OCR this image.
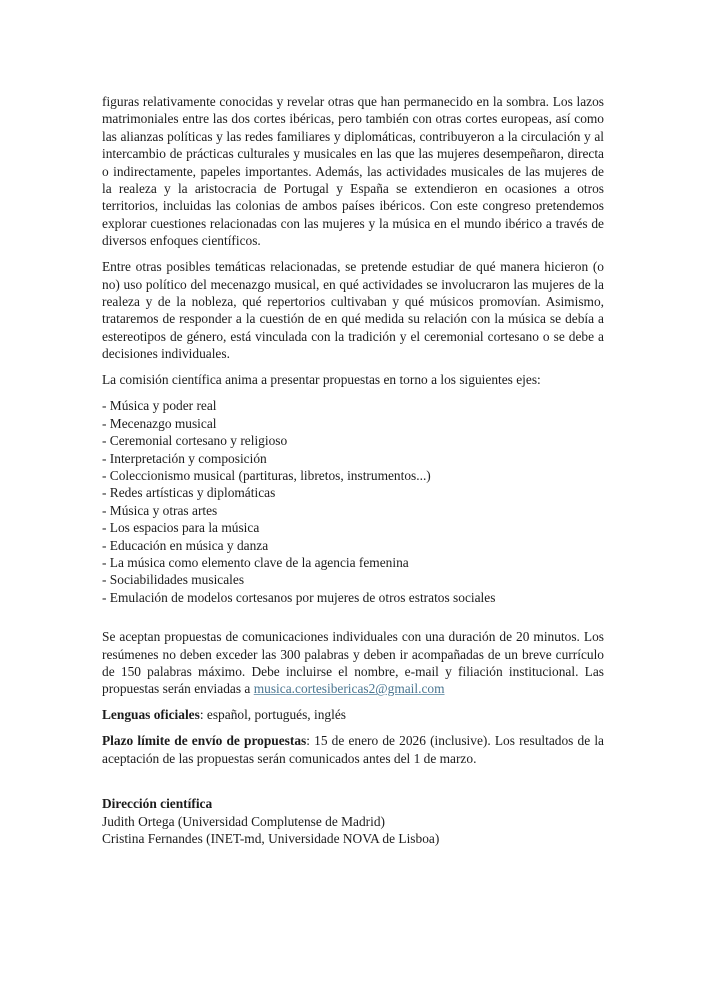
figuras relativamente conocidas y revelar otras que han permanecido en la sombra. Los lazos matrimoniales entre las dos cortes ibéricas, pero también con otras cortes europeas, así como las alianzas políticas y las redes familiares y diplomáticas, contribuyeron a la circulación y al intercambio de prácticas culturales y musicales en las que las mujeres desempeñaron, directa o indirectamente, papeles importantes. Además, las actividades musicales de las mujeres de la realeza y la aristocracia de Portugal y España se extendieron en ocasiones a otros territorios, incluidas las colonias de ambos países ibéricos. Con este congreso pretendemos explorar cuestiones relacionadas con las mujeres y la música en el mundo ibérico a través de diversos enfoques científicos.

Entre otras posibles temáticas relacionadas, se pretende estudiar de qué manera hicieron (o no) uso político del mecenazgo musical, en qué actividades se involucraron las mujeres de la realeza y de la nobleza, qué repertorios cultivaban y qué músicos promovían. Asimismo, trataremos de responder a la cuestión de en qué medida su relación con la música se debía a estereotipos de género, está vinculada con la tradición y el ceremonial cortesano o se debe a decisiones individuales.

La comisión científica anima a presentar propuestas en torno a los siguientes ejes:

- Música y poder real
- Mecenazgo musical
- Ceremonial cortesano y religioso
- Interpretación y composición
- Coleccionismo musical (partituras, libretos, instrumentos...)
- Redes artísticas y diplomáticas
- Música y otras artes
- Los espacios para la música
- Educación en música y danza
- La música como elemento clave de la agencia femenina
- Sociabilidades musicales
- Emulación de modelos cortesanos por mujeres de otros estratos sociales

Se aceptan propuestas de comunicaciones individuales con una duración de 20 minutos. Los resúmenes no deben exceder las 300 palabras y deben ir acompañadas de un breve currículo de 150 palabras máximo. Debe incluirse el nombre, e-mail y filiación institucional. Las propuestas serán enviadas a musica.cortesibericas2@gmail.com

Lenguas oficiales: español, portugués, inglés

Plazo límite de envío de propuestas: 15 de enero de 2026 (inclusive). Los resultados de la aceptación de las propuestas serán comunicados antes del 1 de marzo.

Dirección científica
Judith Ortega (Universidad Complutense de Madrid)
Cristina Fernandes (INET-md, Universidade NOVA de Lisboa)
